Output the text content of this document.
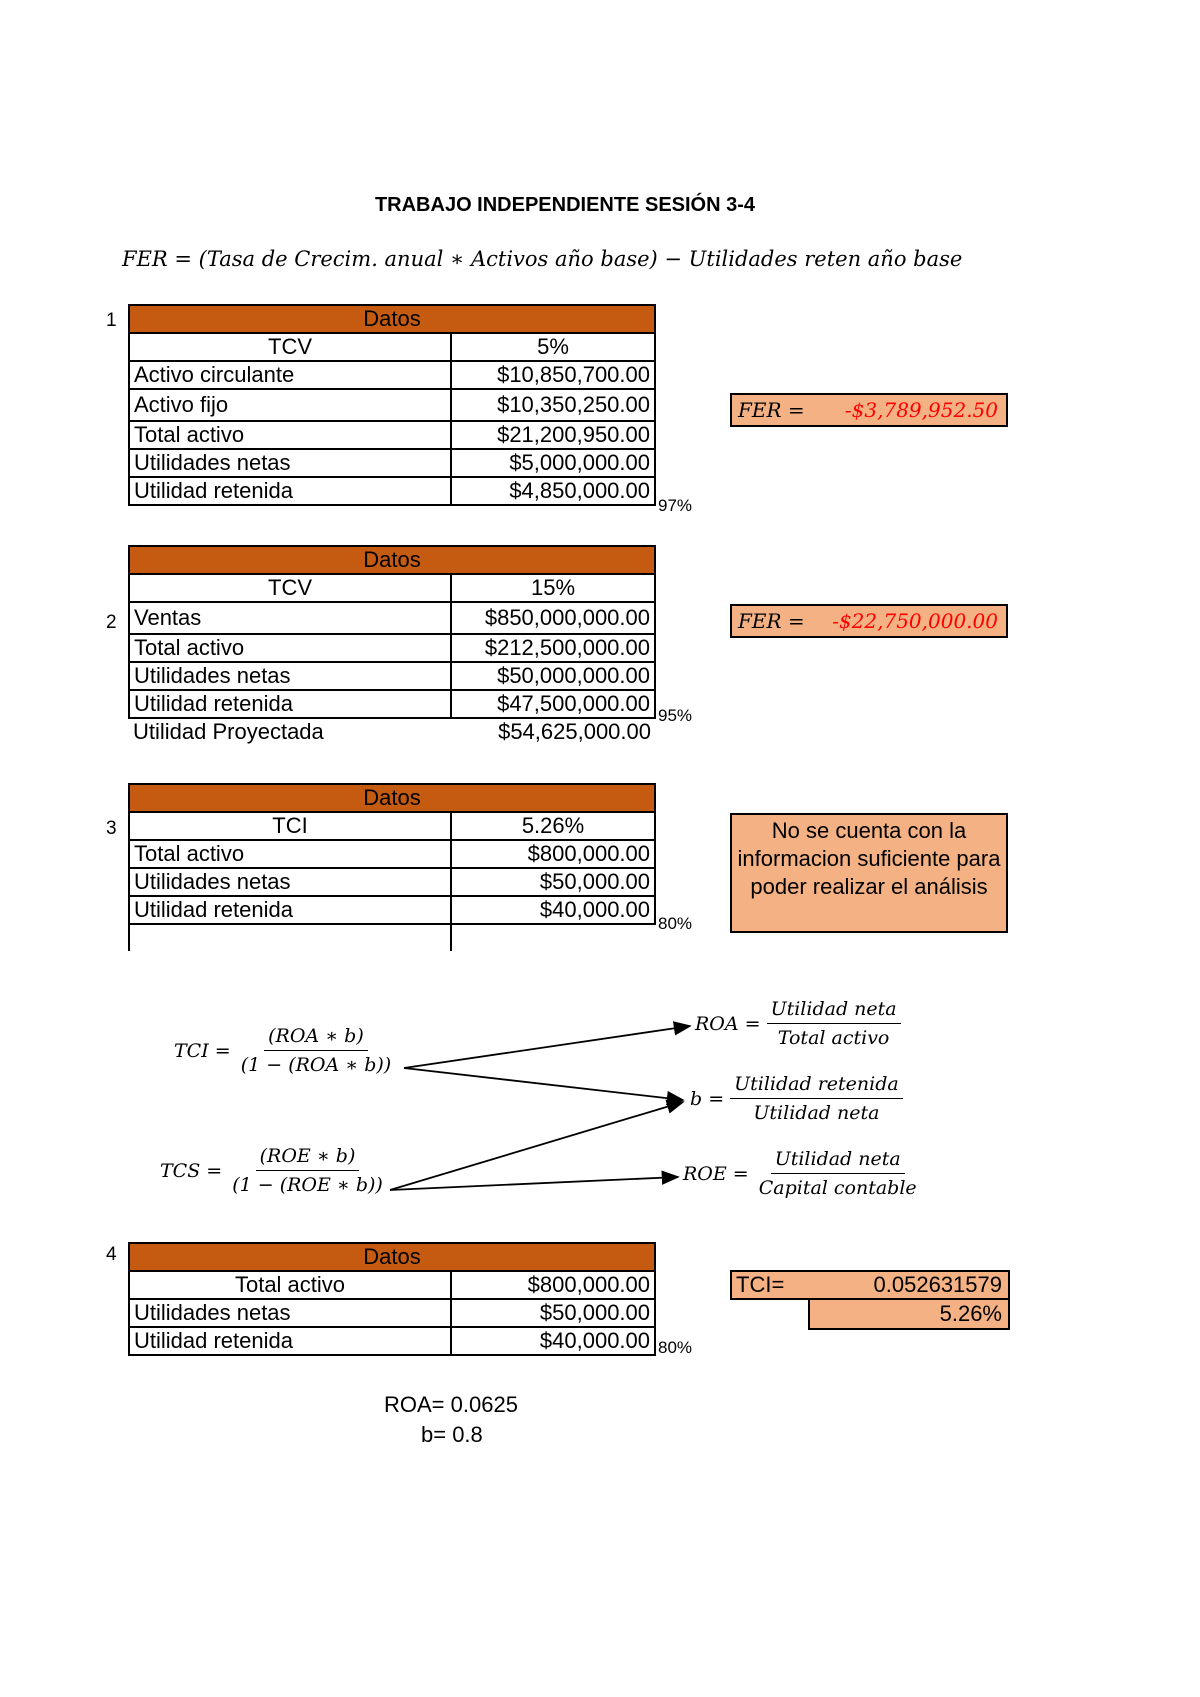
TRABAJO INDEPENDIENTE SESIÓN 3-4
FER = (Tasa de Crecim. anual ∗ Activos año base) − Utilidades reten año base
1	Datos	
TCV	5%
Activo circulante	$10,850,700.00
Activo fijo	$10,350,250.00
Total activo	$21,200,950.00
Utilidades netas	$5,000,000.00
Utilidad retenida	$4,850,000.00
97%
FER = -$3,789,952.50
2
Datos	
TCV	15%
Ventas	$850,000,000.00
Total activo	$212,500,000.00
Utilidades netas	$50,000,000.00
Utilidad retenida	$47,500,000.00
Utilidad Proyectada	$54,625,000.00
95%
FER = -$22,750,000.00
3
Datos	
TCI	5.26%
Total activo	$800,000.00
Utilidades netas	$50,000.00
Utilidad retenida	$40,000.00

80%
No se cuenta con la informacion suficiente para poder realizar el análisis
TCI =
(ROA ∗ b)
(1 − (ROA ∗ b))
TCS =
(ROE ∗ b)
(1 − (ROE ∗ b))
ROA =
Utilidad neta
Total activo
b =
Utilidad retenida
Utilidad neta
ROE =
Utilidad neta
Capital contable
4	Datos	
Total activo	$800,000.00
Utilidades netas	$50,000.00
Utilidad retenida	$40,000.00 80%
TCI=	0.052631579
5.26%
ROA= 0.0625
b= 0.8
